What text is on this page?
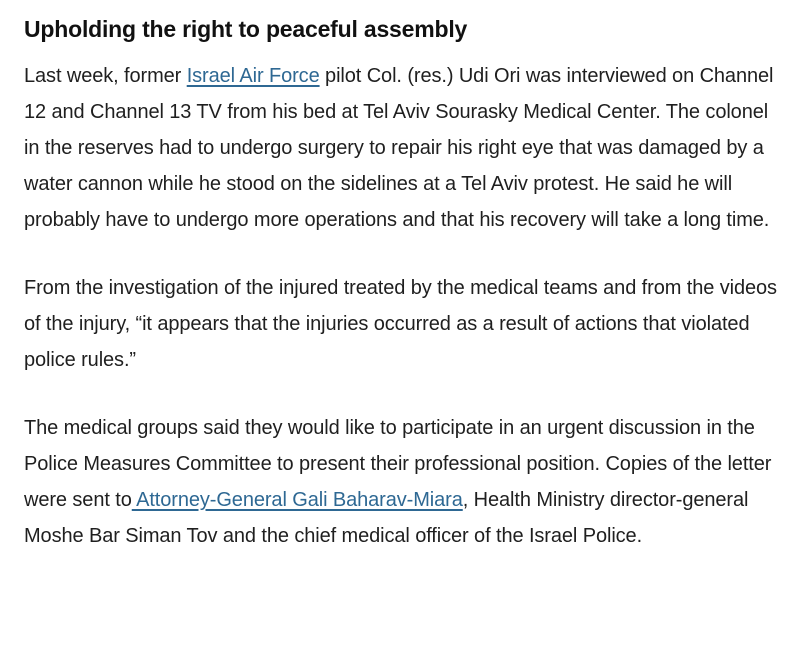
Upholding the right to peaceful assembly

Last week, former Israel Air Force pilot Col. (res.) Udi Ori was interviewed on Channel 12 and Channel 13 TV from his bed at Tel Aviv Sourasky Medical Center. The colonel in the reserves had to undergo surgery to repair his right eye that was damaged by a water cannon while he stood on the sidelines at a Tel Aviv protest. He said he will probably have to undergo more operations and that his recovery will take a long time.

From the investigation of the injured treated by the medical teams and from the videos of the injury, “it appears that the injuries occurred as a result of actions that violated police rules.”

The medical groups said they would like to participate in an urgent discussion in the Police Measures Committee to present their professional position. Copies of the letter were sent to Attorney-General Gali Baharav-Miara, Health Ministry director-general Moshe Bar Siman Tov and the chief medical officer of the Israel Police.
